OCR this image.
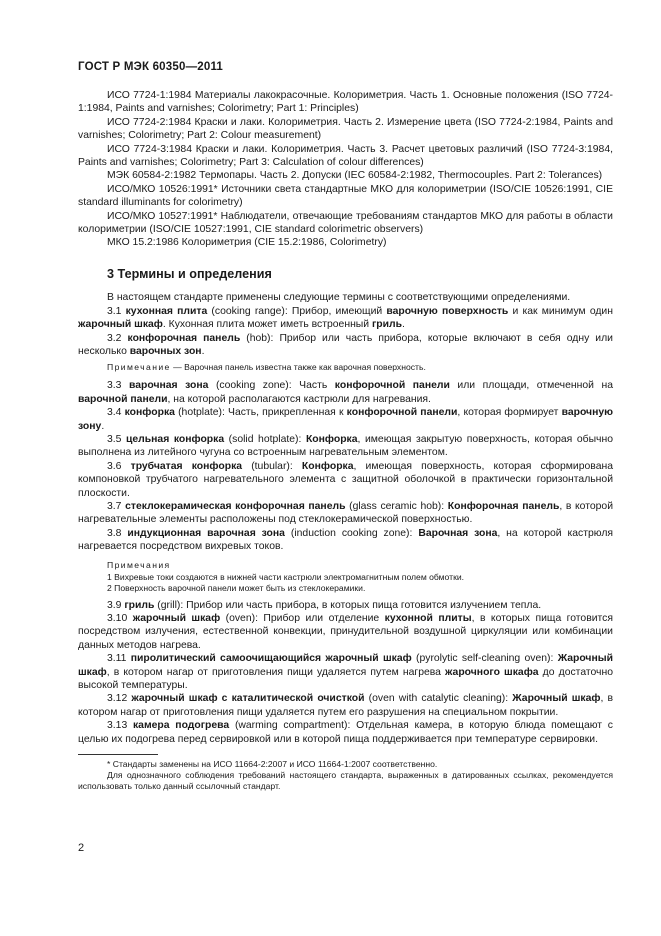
ГОСТ Р МЭК 60350—2011

ИСО 7724-1:1984 Материалы лакокрасочные. Колориметрия. Часть 1. Основные положения (ISO 7724-1:1984, Paints and varnishes; Colorimetry; Part 1: Principles)

ИСО 7724-2:1984 Краски и лаки. Колориметрия. Часть 2. Измерение цвета (ISO 7724-2:1984, Paints and varnishes; Colorimetry; Part 2: Colour measurement)

ИСО 7724-3:1984 Краски и лаки. Колориметрия. Часть 3. Расчет цветовых различий (ISO 7724-3:1984, Paints and varnishes; Colorimetry; Part 3: Calculation of colour differences)

МЭК 60584-2:1982 Термопары. Часть 2. Допуски (IEC 60584-2:1982, Thermocouples. Part 2: Tolerances)

ИСО/МКО 10526:1991* Источники света стандартные МКО для колориметрии (ISO/CIE 10526:1991, CIE standard illuminants for colorimetry)

ИСО/МКО 10527:1991* Наблюдатели, отвечающие требованиям стандартов МКО для работы в области колориметрии (ISO/CIE 10527:1991, CIE standard colorimetric observers)

МКО 15.2:1986 Колориметрия (CIE 15.2:1986, Colorimetry)

3 Термины и определения

В настоящем стандарте применены следующие термины с соответствующими определениями.

3.1 кухонная плита (cooking range): Прибор, имеющий варочную поверхность и как минимум один жарочный шкаф. Кухонная плита может иметь встроенный гриль.

3.2 конфорочная панель (hob): Прибор или часть прибора, которые включают в себя одну или несколько варочных зон.

Примечание — Варочная панель известна также как варочная поверхность.

3.3 варочная зона (cooking zone): Часть конфорочной панели или площади, отмеченной на варочной панели, на которой располагаются кастрюли для нагревания.

3.4 конфорка (hotplate): Часть, прикрепленная к конфорочной панели, которая формирует варочную зону.

3.5 цельная конфорка (solid hotplate): Конфорка, имеющая закрытую поверхность, которая обычно выполнена из литейного чугуна со встроенным нагревательным элементом.

3.6 трубчатая конфорка (tubular): Конфорка, имеющая поверхность, которая сформирована компоновкой трубчатого нагревательного элемента с защитной оболочкой в практически горизонтальной плоскости.

3.7 стеклокерамическая конфорочная панель (glass ceramic hob): Конфорочная панель, в которой нагревательные элементы расположены под стеклокерамической поверхностью.

3.8 индукционная варочная зона (induction cooking zone): Варочная зона, на которой кастрюля нагревается посредством вихревых токов.

Примечания

1 Вихревые токи создаются в нижней части кастрюли электромагнитным полем обмотки.

2 Поверхность варочной панели может быть из стеклокерамики.

3.9 гриль (grill): Прибор или часть прибора, в которых пища готовится излучением тепла.

3.10 жарочный шкаф (oven): Прибор или отделение кухонной плиты, в которых пища готовится посредством излучения, естественной конвекции, принудительной воздушной циркуляции или комбинации данных методов нагрева.

3.11 пиролитический самоочищающийся жарочный шкаф (pyrolytic self-cleaning oven): Жарочный шкаф, в котором нагар от приготовления пищи удаляется путем нагрева жарочного шкафа до достаточно высокой температуры.

3.12 жарочный шкаф с каталитической очисткой (oven with catalytic cleaning): Жарочный шкаф, в котором нагар от приготовления пищи удаляется путем его разрушения на специальном покрытии.

3.13 камера подогрева (warming compartment): Отдельная камера, в которую блюда помещают с целью их подогрева перед сервировкой или в которой пища поддерживается при температуре сервировки.

* Стандарты заменены на ИСО 11664-2:2007 и ИСО 11664-1:2007 соответственно.

Для однозначного соблюдения требований настоящего стандарта, выраженных в датированных ссылках, рекомендуется использовать только данный ссылочный стандарт.

2
